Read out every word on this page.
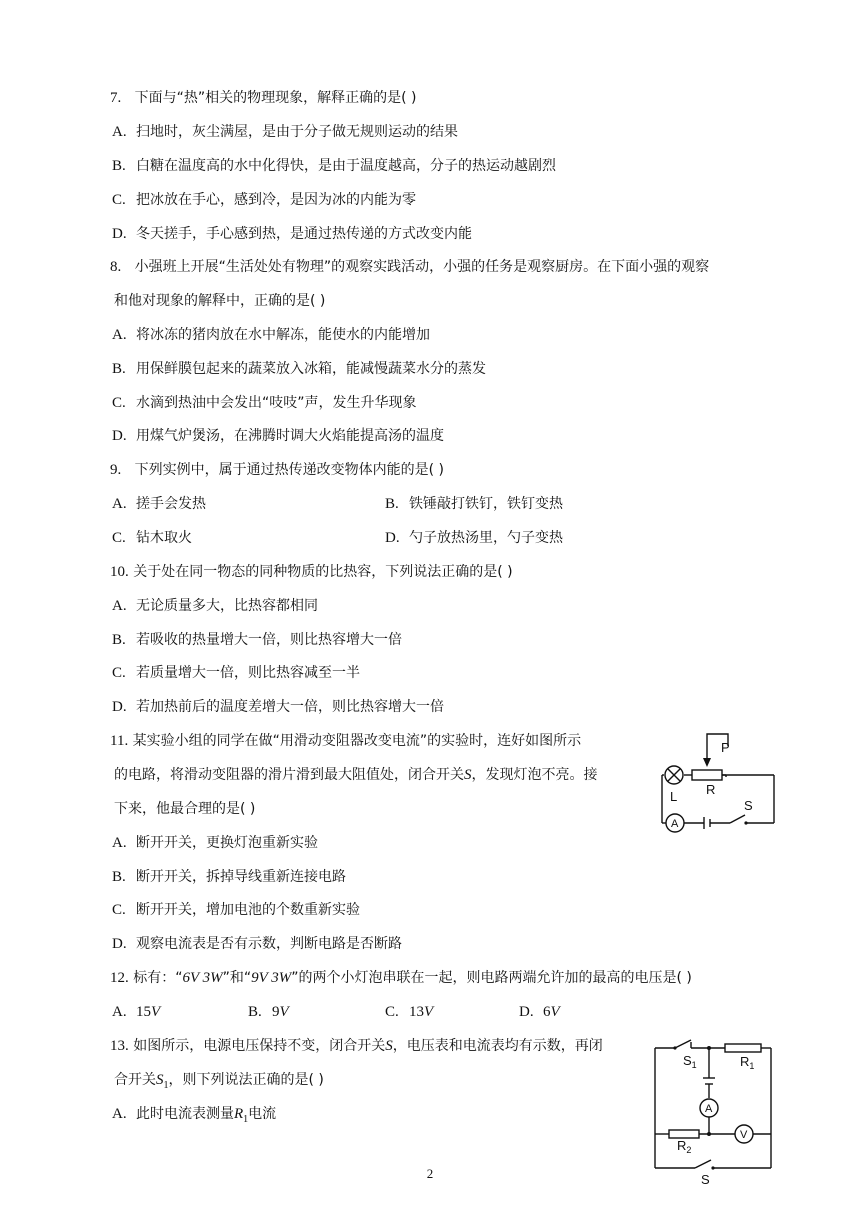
7. 下面与“热”相关的物理现象，解释正确的是( )
A. 扫地时，灰尘满屋，是由于分子做无规则运动的结果
B. 白糖在温度高的水中化得快，是由于温度越高，分子的热运动越剧烈
C. 把冰放在手心，感到冷，是因为冰的内能为零
D. 冬天搓手，手心感到热，是通过热传递的方式改变内能
8. 小强班上开展“生活处处有物理”的观察实践活动，小强的任务是观察厨房。在下面小强的观察
和他对现象的解释中，正确的是( )
A. 将冰冻的猪肉放在水中解冻，能使水的内能增加
B. 用保鲜膜包起来的蔬菜放入冰箱，能减慢蔬菜水分的蒸发
C. 水滴到热油中会发出“吱吱”声，发生升华现象
D. 用煤气炉煲汤，在沸腾时调大火焰能提高汤的温度
9. 下列实例中，属于通过热传递改变物体内能的是( )
A. 搓手会发热	B. 铁锤敲打铁钉，铁钉变热
C. 钻木取火	D. 勺子放热汤里，勺子变热
10. 关于处在同一物态的同种物质的比热容，下列说法正确的是( )
A. 无论质量多大，比热容都相同
B. 若吸收的热量增大一倍，则比热容增大一倍
C. 若质量增大一倍，则比热容减至一半
D. 若加热前后的温度差增大一倍，则比热容增大一倍
11. 某实验小组的同学在做“用滑动变阻器改变电流”的实验时，连好如图所示
的电路，将滑动变阻器的滑片滑到最大阻值处，闭合开关S，发现灯泡不亮。接
下来，他最合理的是( )
A. 断开开关，更换灯泡重新实验
B. 断开开关，拆掉导线重新连接电路
C. 断开开关，增加电池的个数重新实验
D. 观察电流表是否有示数，判断电路是否断路
P
R
L
S
A
12. 标有：“6V 3W”和“9V 3W”的两个小灯泡串联在一起，则电路两端允许加的最高的电压是( )
A. 15V	B. 9V	C. 13V	D. 6V
13. 如图所示，电源电压保持不变，闭合开关S，电压表和电流表均有示数，再闭
合开关$S_1$，则下列说法正确的是( )
A. 此时电流表测量$R_1$电流
$S_1$	$R_1$
$R_2$
A
V
S
2
